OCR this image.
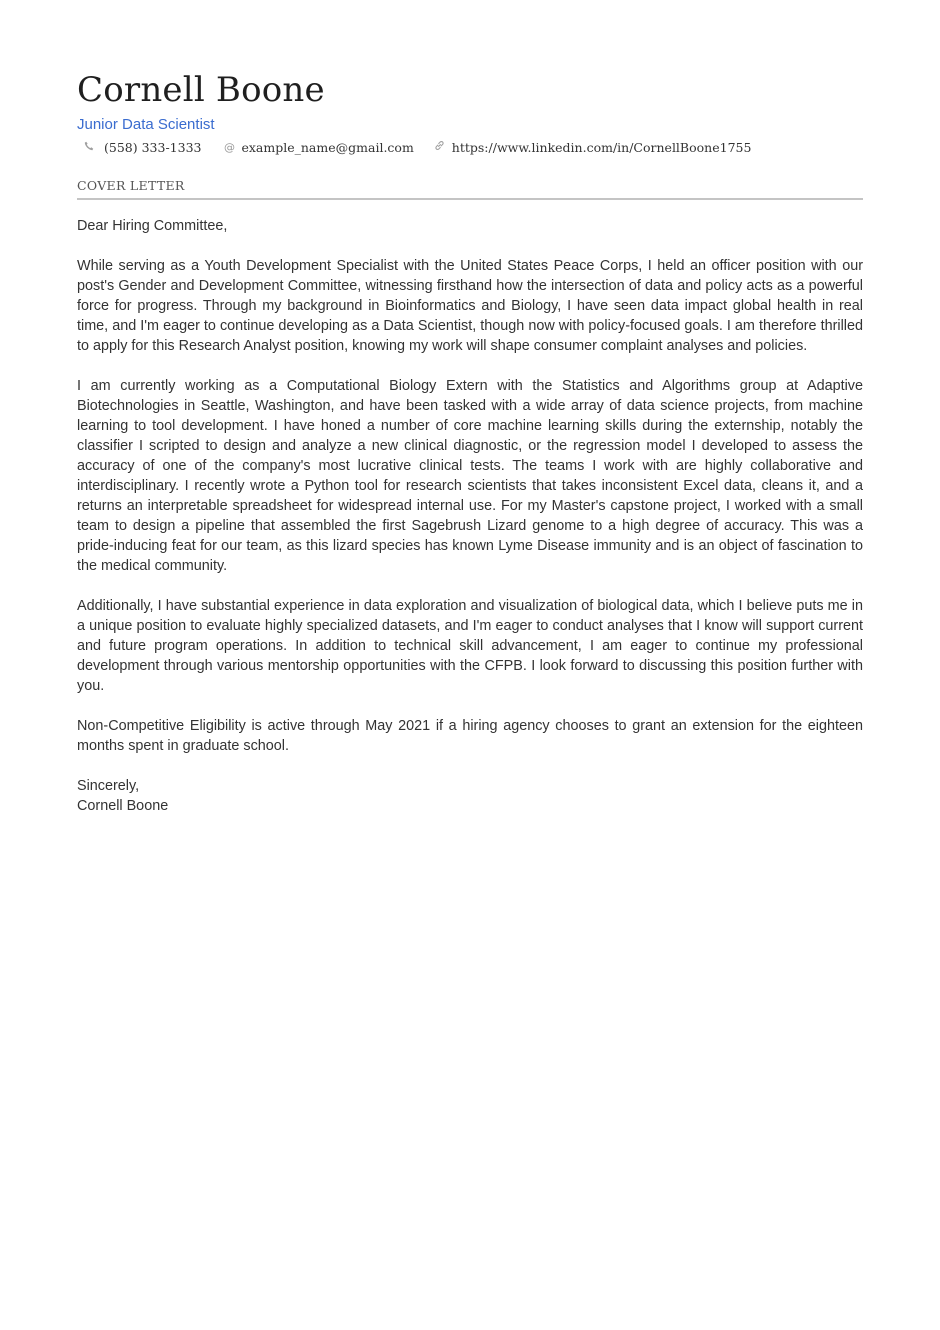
Cornell Boone
Junior Data Scientist
(558) 333-1333 @ example_name@gmail.com	https://www.linkedin.com/in/CornellBoone1755
COVER LETTER

Dear Hiring Committee,

While serving as a Youth Development Specialist with the United States Peace Corps, I held an officer position with our post's Gender and Development Committee, witnessing firsthand how the intersection of data and policy acts as a powerful force for progress. Through my background in Bioinformatics and Biology, I have seen data impact global health in real time, and I'm eager to continue developing as a Data Scientist, though now with policy-focused goals. I am therefore thrilled to apply for this Research Analyst position, knowing my work will shape consumer complaint analyses and policies.

I am currently working as a Computational Biology Extern with the Statistics and Algorithms group at Adaptive Biotechnologies in Seattle, Washington, and have been tasked with a wide array of data science projects, from machine learning to tool development. I have honed a number of core machine learning skills during the externship, notably the classifier I scripted to design and analyze a new clinical diagnostic, or the regression model I developed to assess the accuracy of one of the company's most lucrative clinical tests. The teams I work with are highly collaborative and interdisciplinary. I recently wrote a Python tool for research scientists that takes inconsistent Excel data, cleans it, and a returns an interpretable spreadsheet for widespread internal use. For my Master's capstone project, I worked with a small team to design a pipeline that assembled the first Sagebrush Lizard genome to a high degree of accuracy. This was a pride-inducing feat for our team, as this lizard species has known Lyme Disease immunity and is an object of fascination to the medical community.

Additionally, I have substantial experience in data exploration and visualization of biological data, which I believe puts me in a unique position to evaluate highly specialized datasets, and I'm eager to conduct analyses that I know will support current and future program operations. In addition to technical skill advancement, I am eager to continue my professional development through various mentorship opportunities with the CFPB. I look forward to discussing this position further with you.

Non-Competitive Eligibility is active through May 2021 if a hiring agency chooses to grant an extension for the eighteen months spent in graduate school.

Sincerely,

Cornell Boone
